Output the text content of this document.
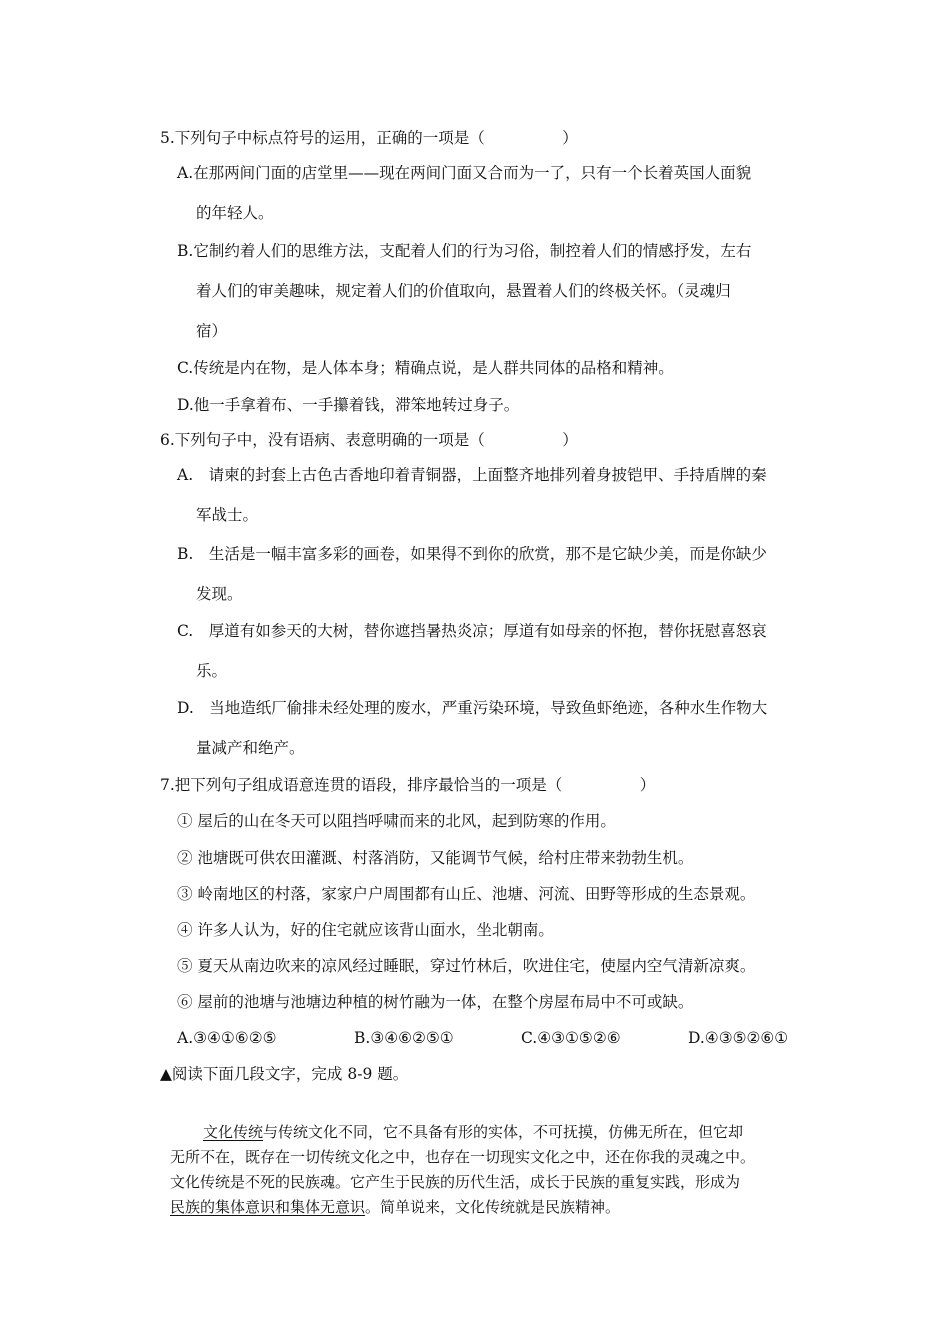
5.下列句子中标点符号的运用，正确的一项是（　　　　　）
A.在那两间门面的店堂里——现在两间门面又合而为一了，只有一个长着英国人面貌
的年轻人。
B.它制约着人们的思维方法，支配着人们的行为习俗，制控着人们的情感抒发，左右
着人们的审美趣味，规定着人们的价值取向，悬置着人们的终极关怀。（灵魂归
宿）
C.传统是内在物，是人体本身；精确点说，是人群共同体的品格和精神。
D.他一手拿着布、一手攥着钱，滞笨地转过身子。
6.下列句子中，没有语病、表意明确的一项是（　　　　　）
A.　请柬的封套上古色古香地印着青铜器，上面整齐地排列着身披铠甲、手持盾牌的秦
军战士。
B.　生活是一幅丰富多彩的画卷，如果得不到你的欣赏，那不是它缺少美，而是你缺少
发现。
C.　厚道有如参天的大树，替你遮挡暑热炎凉；厚道有如母亲的怀抱，替你抚慰喜怒哀
乐。
D.　当地造纸厂偷排未经处理的废水，严重污染环境，导致鱼虾绝迹，各种水生作物大
量减产和绝产。
7.把下列句子组成语意连贯的语段，排序最恰当的一项是（　　　　　）
① 屋后的山在冬天可以阻挡呼啸而来的北风，起到防寒的作用。
② 池塘既可供农田灌溉、村落消防，又能调节气候，给村庄带来勃勃生机。
③ 岭南地区的村落，家家户户周围都有山丘、池塘、河流、田野等形成的生态景观。
④ 许多人认为，好的住宅就应该背山面水，坐北朝南。
⑤ 夏天从南边吹来的凉风经过睡眠，穿过竹林后，吹进住宅，使屋内空气清新凉爽。
⑥ 屋前的池塘与池塘边种植的树竹融为一体，在整个房屋布局中不可或缺。
A.③④①⑥②⑤	B.③④⑥②⑤①	C.④③①⑤②⑥	D.④③⑤②⑥①
▲阅读下面几段文字，完成 8-9 题。
文化传统与传统文化不同，它不具备有形的实体，不可抚摸，仿佛无所在，但它却
无所不在，既存在一切传统文化之中，也存在一切现实文化之中，还在你我的灵魂之中。
文化传统是不死的民族魂。它产生于民族的历代生活，成长于民族的重复实践，形成为
民族的集体意识和集体无意识。简单说来，文化传统就是民族精神。
